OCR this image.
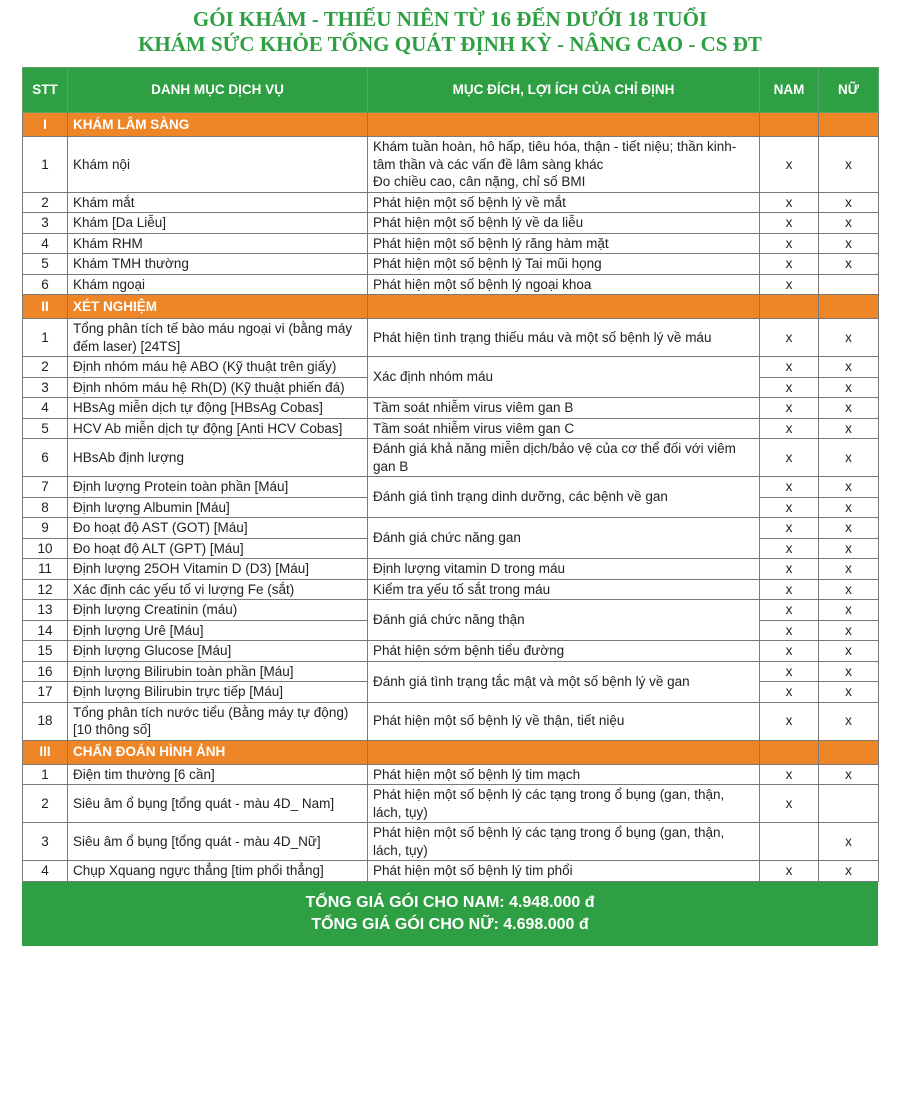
GÓI KHÁM - THIẾU NIÊN TỪ 16 ĐẾN DƯỚI 18 TUỔI
KHÁM SỨC KHỎE TỔNG QUÁT ĐỊNH KỲ - NÂNG CAO - CS ĐT
STT	DANH MỤC DỊCH VỤ	MỤC ĐÍCH, LỢI ÍCH CỦA CHỈ ĐỊNH	NAM	NỮ
I	KHÁM LÂM SÀNG			
1	Khám nội	Khám tuần hoàn, hô hấp, tiêu hóa, thận - tiết niệu; thần kinh-tâm thần và các vấn đề lâm sàng khác
Đo chiều cao, cân nặng, chỉ số BMI	x	x
2	Khám mắt	Phát hiện một số bệnh lý về mắt	x	x
3	Khám [Da Liễu]	Phát hiện một số bệnh lý về da liễu	x	x
4	Khám RHM	Phát hiện một số bệnh lý răng hàm mặt	x	x
5	Khám TMH thường	Phát hiện một số bệnh lý Tai mũi họng	x	x
6	Khám ngoại	Phát hiện một số bệnh lý ngoại khoa	x	
II	XÉT NGHIỆM			
1	Tổng phân tích tế bào máu ngoại vi (bằng máy đếm laser) [24TS]	Phát hiện tình trạng thiếu máu và một số bệnh lý về máu	x	x
2	Định nhóm máu hệ ABO (Kỹ thuật trên giấy)	Xác định nhóm máu	x	x
3	Định nhóm máu hệ Rh(D) (Kỹ thuật phiến đá)		x	x
4	HBsAg miễn dịch tự động [HBsAg Cobas]	Tầm soát nhiễm virus viêm gan B	x	x
5	HCV Ab miễn dịch tự động [Anti HCV Cobas]	Tầm soát nhiễm virus viêm gan C	x	x
6	HBsAb định lượng	Đánh giá khả năng miễn dịch/bảo vệ của cơ thể đối với viêm gan B	x	x
7	Định lượng Protein toàn phần [Máu]	Đánh giá tình trạng dinh dưỡng, các bệnh về gan	x	x
8	Định lượng Albumin [Máu]		x	x
9	Đo hoạt độ AST (GOT) [Máu]	Đánh giá chức năng gan	x	x
10	Đo hoạt độ ALT (GPT) [Máu]		x	x
11	Định lượng 25OH Vitamin D (D3) [Máu]	Định lượng vitamin D trong máu	x	x
12	Xác định các yếu tố vi lượng Fe (sắt)	Kiểm tra yếu tố sắt trong máu	x	x
13	Định lượng Creatinin (máu)	Đánh giá chức năng thận	x	x
14	Định lượng Urê [Máu]		x	x
15	Định lượng Glucose [Máu]	Phát hiện sớm bệnh tiểu đường	x	x
16	Định lượng Bilirubin toàn phần [Máu]	Đánh giá tình trạng tắc mật và một số bệnh lý về gan	x	x
17	Định lượng Bilirubin trực tiếp [Máu]		x	x
18	Tổng phân tích nước tiểu (Bằng máy tự động) [10 thông số]	Phát hiện một số bệnh lý về thận, tiết niệu	x	x
III	CHẨN ĐOÁN HÌNH ẢNH			
1	Điện tim thường [6 cần]	Phát hiện một số bệnh lý tim mạch	x	x
2	Siêu âm ổ bụng [tổng quát - màu 4D_ Nam]	Phát hiện một số bệnh lý các tạng trong ổ bụng (gan, thận, lách, tụy)	x	
3	Siêu âm ổ bụng [tổng quát - màu 4D_Nữ]	Phát hiện một số bệnh lý các tạng trong ổ bụng (gan, thận, lách, tụy)		x
4	Chụp Xquang ngực thẳng [tim phổi thẳng]	Phát hiện một số bệnh lý tim phổi	x	x
TỔNG GIÁ GÓI CHO NAM: 4.948.000 đ
TỔNG GIÁ GÓI CHO NỮ: 4.698.000 đ
